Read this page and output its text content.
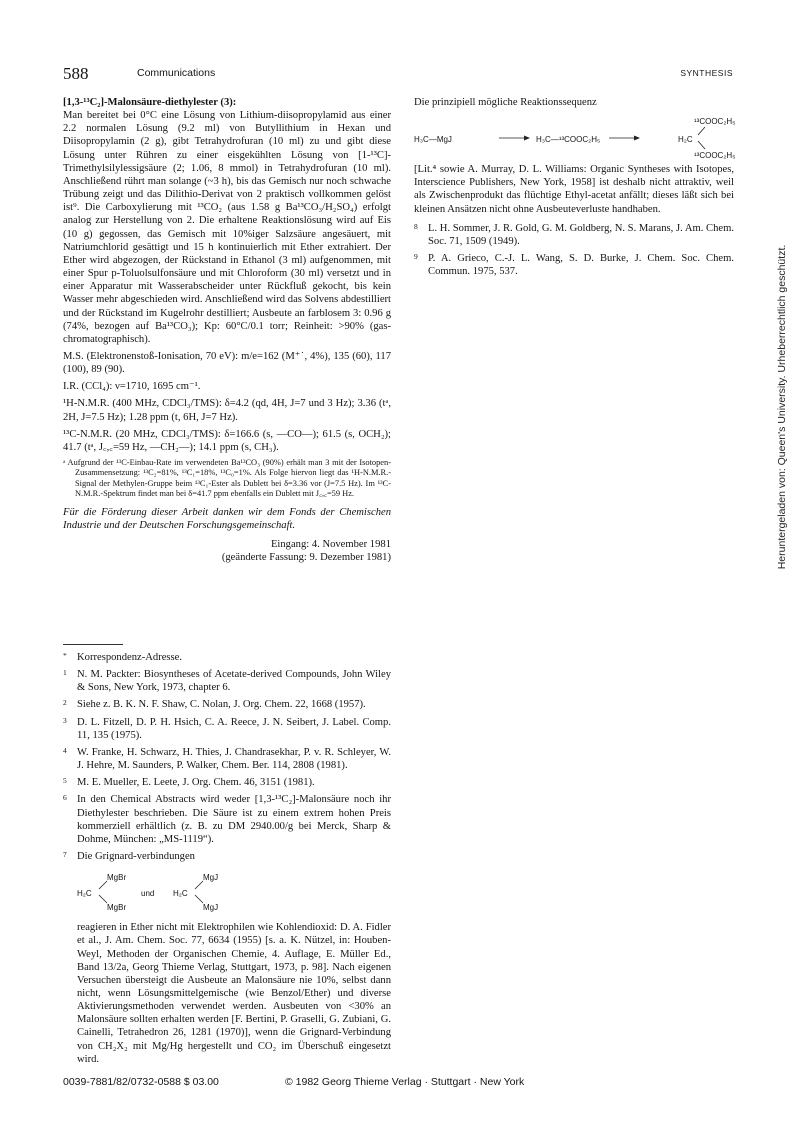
588	Communications	SYNTHESIS

[1,3-¹³C₂]-Malonsäure-diethylester (3):

Man bereitet bei 0°C eine Lösung von Lithium-diisopropylamid aus einer 2.2 normalen Lösung (9.2 ml) von Butyllithium in Hexan und Diisopropylamin (2 g), gibt Tetrahydrofuran (10 ml) zu und gibt diese Lösung unter Rühren zu einer eisgekühlten Lösung von [1-¹³C]-Trimethylsilylessigsäure (2; 1.06, 8 mmol) in Tetrahydrofuran (10 ml). Anschließend rührt man solange (~3 h), bis das Gemisch nur noch schwache Trübung zeigt und das Dilithio-Derivat von 2 praktisch vollkommen gelöst ist⁹. Die Carboxylierung mit ¹³CO₂ (aus 1.58 g Ba¹³CO₃/H₂SO₄) erfolgt analog zur Herstellung von 2. Die erhaltene Reaktionslösung wird auf Eis (10 g) gegossen, das Gemisch mit 10%iger Salzsäure angesäuert, mit Natriumchlorid gesättigt und 15 h kontinuierlich mit Ether extrahiert. Der Ether wird abgezogen, der Rückstand in Ethanol (3 ml) aufgenommen, mit einer Spur p-Toluolsulfonsäure und mit Chloroform (30 ml) versetzt und in einer Apparatur mit Wasserabscheider unter Rückfluß gekocht, bis kein Wasser mehr abgeschieden wird. Anschließend wird das Solvens abdestilliert und der Rückstand im Kugelrohr destilliert; Ausbeute an farblosem 3: 0.96 g (74%, bezogen auf Ba¹³CO₃); Kp: 60°C/0.1 torr; Reinheit: >90% (gas-chromatographisch).

M.S. (Elektronenstoß-Ionisation, 70 eV): m/e=162 (M⁺˙, 4%), 135 (60), 117 (100), 89 (90).

I.R. (CCl₄): ν=1710, 1695 cm⁻¹.

¹H-N.M.R. (400 MHz, CDCl₃/TMS): δ=4.2 (qd, 4H, J=7 und 3 Hz); 3.36 (tᵃ, 2H, J=7.5 Hz); 1.28 ppm (t, 6H, J=7 Hz).

¹³C-N.M.R. (20 MHz, CDCl₃/TMS): δ=166.6 (s, —CO—); 61.5 (s, OCH₂); 41.7 (tᵃ, J꜀,꜀=59 Hz, —CH₂—); 14.1 ppm (s, CH₃).

ᵃ Aufgrund der ¹³C-Einbau-Rate im verwendeten Ba¹³CO₃ (90%) erhält man 3 mit der Isotopen-Zusammensetzung: ¹³C₂=81%, ¹³C₁=18%, ¹³C₀=1%. Als Folge hiervon liegt das ¹H-N.M.R.-Signal der Methylen-Gruppe beim ¹³C₁-Ester als Dublett bei δ=3.36 vor (J=7.5 Hz). Im ¹³C-N.M.R.-Spektrum findet man bei δ=41.7 ppm ebenfalls ein Dublett mit J꜀,꜀=59 Hz.

Für die Förderung dieser Arbeit danken wir dem Fonds der Chemischen Industrie und der Deutschen Forschungsgemeinschaft.

Eingang: 4. November 1981

(geänderte Fassung: 9. Dezember 1981)

* Korrespondenz-Adresse.
1 N. M. Packter: Biosyntheses of Acetate-derived Compounds, John Wiley & Sons, New York, 1973, chapter 6.
2 Siehe z. B. K. N. F. Shaw, C. Nolan, J. Org. Chem. 22, 1668 (1957).
3 D. L. Fitzell, D. P. H. Hsich, C. A. Reece, J. N. Seibert, J. Label. Comp. 11, 135 (1975).
4 W. Franke, H. Schwarz, H. Thies, J. Chandrasekhar, P. v. R. Schleyer, W. J. Hehre, M. Saunders, P. Walker, Chem. Ber. 114, 2808 (1981).
5 M. E. Mueller, E. Leete, J. Org. Chem. 46, 3151 (1981).
6 In den Chemical Abstracts wird weder [1,3-¹³C₂]-Malonsäure noch ihr Diethylester beschrieben. Die Säure ist zu einem extrem hohen Preis kommerziell erhältlich (z. B. zu DM 2940.00/g bei Merck, Sharp & Dohme, München: „MS-1119“).
7 Die Grignard-verbindungen
MgBr
H₂C
MgBr
und
MgJ
H₂C
MgJ

reagieren in Ether nicht mit Elektrophilen wie Kohlendioxid: D. A. Fidler et al., J. Am. Chem. Soc. 77, 6634 (1955) [s. a. K. Nützel, in: Houben-Weyl, Methoden der Organischen Chemie, 4. Auflage, E. Müller Ed., Band 13/2a, Georg Thieme Verlag, Stuttgart, 1973, p. 98]. Nach eigenen Versuchen übersteigt die Ausbeute an Malonsäure nie 10%, selbst dann nicht, wenn Lösungsmittelgemische (wie Benzol/Ether) und diverse Aktivierungsmethoden verwendet werden. Ausbeuten von <30% an Malonsäure sollten erhalten werden [F. Bertini, P. Graselli, G. Zubiani, G. Cainelli, Tetrahedron 26, 1281 (1970)], wenn die Grignard-Verbindung von CH₂X₂ mit Mg/Hg hergestellt und CO₂ im Überschuß eingesetzt wird.

Die prinzipiell mögliche Reaktionssequenz

H₃C—MgJ	H₃C—¹³COOC₂H₅	H₂C
¹³COOC₂H₅
¹³COOC₂H₅

[Lit.⁴ sowie A. Murray, D. L. Williams: Organic Syntheses with Isotopes, Interscience Publishers, New York, 1958] ist deshalb nicht attraktiv, weil als Zwischenprodukt das flüchtige Ethyl-acetat anfällt; dieses läßt sich bei kleinen Ansätzen nicht ohne Ausbeuteverluste handhaben.

8 L. H. Sommer, J. R. Gold, G. M. Goldberg, N. S. Marans, J. Am. Chem. Soc. 71, 1509 (1949).
9 P. A. Grieco, C.-J. L. Wang, S. D. Burke, J. Chem. Soc. Chem. Commun. 1975, 537.
0039-7881/82/0732-0588 $ 03.00	© 1982 Georg Thieme Verlag · Stuttgart · New York
Heruntergeladen von: Queen's University. Urheberrechtlich geschützt.
